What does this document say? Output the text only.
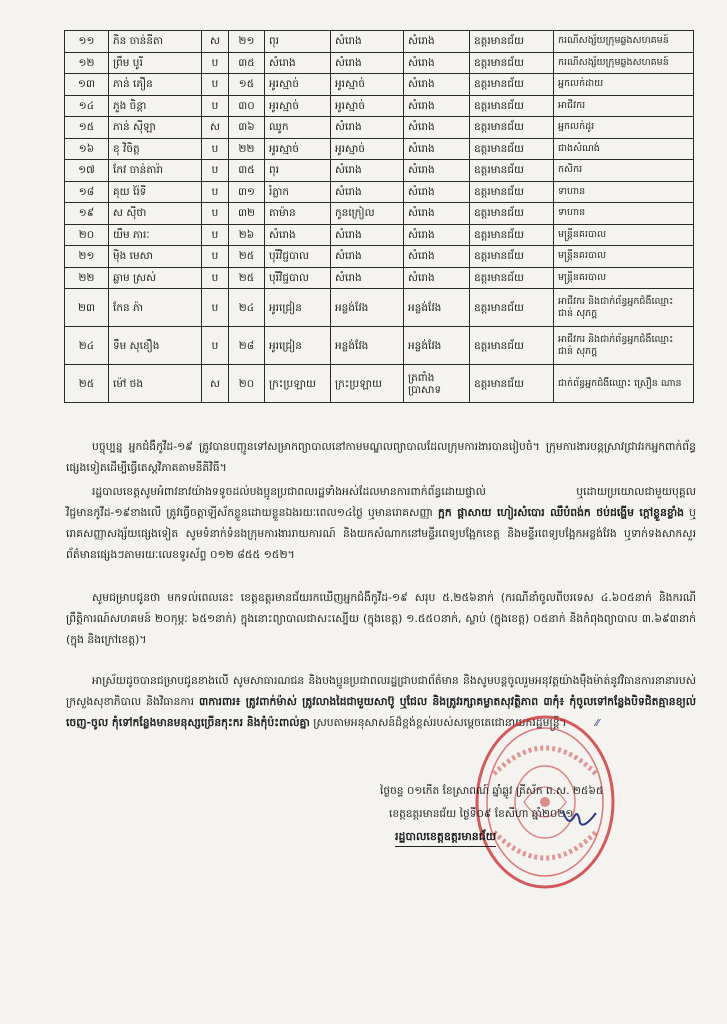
១១	ភិន ចាន់នីតា	ស	២១	ពុរ	សំរោង	សំរោង	ឧត្តរមានជ័យ	ករណីសង្ស័យក្រុមឆ្លងសហគមន៍
១២	ព្រឹម បូរី	ប	៣៥	សំរោង	សំរោង	សំរោង	ឧត្តរមានជ័យ	ករណីសង្ស័យក្រុមឆ្លងសហគមន៍
១៣	ភាន់ ភឿន	ប	១៥	អូរស្មាច់	អូរស្មាច់	សំរោង	ឧត្តរមានជ័យ	អ្នកលក់ដាយ
១៤	ភួង ចិន្តា	ប	៣០	អូរស្មាច់	អូរស្មាច់	សំរោង	ឧត្តរមានជ័យ	អាជីវករ
១៥	ភាន់ ស៊ីឡា	ស	៣៦	ឈូក	សំរោង	សំរោង	ឧត្តរមានជ័យ	អ្នកលក់ដូរ
១៦	ខុ វិចិត្ត	ប	២២	អូរស្មាច់	អូរស្មាច់	សំរោង	ឧត្តរមានជ័យ	ជាងសំណង់
១៧	កែវ ចាន់តារ៉ា	ប	៣៥	ពុរ	សំរោង	សំរោង	ឧត្តរមានជ័យ	កសិករ
១៨	គុយ រ៉ៃទី	ប	៣១	រំភ្លាក	សំរោង	សំរោង	ឧត្តរមានជ័យ	ទាហាន
១៩	ស ស៊ីថា	ប	៣២	តាម៉ាន	កូនក្រៀល	សំរោង	ឧត្តរមានជ័យ	ទាហាន
២០	យឹម ភារៈ	ប	២៦	សំរោង	សំរោង	សំរោង	ឧត្តរមានជ័យ	មន្ត្រីនគរបាល
២១	ម៉ិង មេសា	ប	២៥	បុរីវិជ្ជបាល	សំរោង	សំរោង	ឧត្តរមានជ័យ	មន្ត្រីនគរបាល
២២	ឆ្លាម ស្រស់	ប	២៥	បុរីវិជ្ជបាល	សំរោង	សំរោង	ឧត្តរមានជ័យ	មន្ត្រីនគរបាល
២៣	កែន ភ៉ា	ប	២៤	អូរជ្រៀន	អន្លង់វែង	អន្លង់វែង	ឧត្តរមានជ័យ	អាជីវករ និងជាក់ព័ន្ធអ្នកជំងឺឈ្មោះ ជាន់ សុភក្ដ្ដ
២៤	ទឹម សុខឿង	ប	២៨	អូរជ្រៀន	អន្លង់វែង	អន្លង់វែង	ឧត្តរមានជ័យ	អាជីវករ និងជាក់ព័ន្ធអ្នកជំងឺឈ្មោះ ជាន់ សុភក្ដ្ដ
២៥	ម៉ៅ ថង	ស	២០	ក្រះប្រឡាយ	ក្រះប្រឡាយ	ត្រពាំងប្រាសាទ	ឧត្តរមានជ័យ	ជាក់ព័ន្ធអ្នកជំងឺឈ្មោះ ស្រឿន ណាន

បច្ចុប្បន្ន អ្នកជំងឺកូវីដ-១៩ ត្រូវបានបញ្ជូនទៅសម្រាកព្យាបាលនៅកាមមណ្ឌលព្យាបាលដែលក្រុមការងារបានរៀបចំ។ ក្រុមការងារបន្តស្រាវជ្រាវរកអ្នកពាក់ព័ន្ធផ្សេងទៀតដើម្បីធ្វើតេស្តវិភាគតាមនីតិវិធី។

រដ្ឋបាលខេត្តសូមអំពាវនាវយ៉ាងទទូចដល់បងប្អូនប្រជាពលរដ្ឋទាំងអស់ដែលមានការពាក់ព័ន្ធដោយផ្ទាល់ ឬដោយប្រយោលជាមួយបុគ្គលវិជ្ជមានកូវីដ-១៩ខាងលើ ត្រូវធ្វើចត្តាឡីស័កខ្លួនដោយខ្លួនឯងរយៈពេល១៤ថ្ងៃ ឬមានរោគសញ្ញា ក្អក ផ្តាសាយ ហៀរសំបោរ ឈឺបំពង់ក ថប់ដង្ហើម ក្តៅខ្លួនខ្លាំង ឬរោគសញ្ញាសង្ស័យផ្សេងទៀត សូមទំនាក់ទំនងក្រុមការងាររាយការណ៍ និងយកសំណាកនៅមន្ទីរពេទ្យបង្អែកខេត្ត និងមន្ទីរពេទ្យបង្អែកអន្លង់វែង ឬទាក់ទងសាកសួរព័ត៌មានផ្សេងៗតាមរយៈលេខទូរស័ព្ទ ០១២ ៨៥៥ ១៥២។

សូមជម្រាបជូនថា មកទល់ពេលនេះ ខេត្តឧត្តរមានជ័យរកឃើញអ្នកជំងឺកូវីដ-១៩ សរុប ៥.២៥៦នាក់ (ករណីនាំចូលពីបរទេស ៤.៦០៥នាក់ និងករណីព្រឹត្តិការណ៍សហគមន៍ ២០កុម្ភៈ ៦៥១នាក់) ក្នុងនោះព្យាបាលជាសះស្បើយ (ក្នុងខេត្ត) ១.៥៥០នាក់, ស្លាប់ (ក្នុងខេត្ត) ០៥នាក់ និងកំពុងព្យាបាល ៣.៦៩៣នាក់ (ក្នុង និងក្រៅខេត្ត)។

អាស្រ័យដូចបានជម្រាបជូនខាងលើ សូមសាធារណជន និងបងប្អូនប្រជាពលរដ្ឋជ្រាបជាព័ត៌មាន និងសូមបន្តចូលរួមអនុវត្តយ៉ាងម៉ឺងម៉ាត់នូវវិធានការនានារបស់ក្រសួងសុខាភិបាល និងវិធានការ ៣ការពារ៖ ត្រូវពាក់ម៉ាស់ ត្រូវលាងដៃជាមួយសាប៊ូ ឬជែល និងត្រូវរក្សាគម្លាតសុវត្ថិភាព ៣កុំ៖ កុំចូលទៅកន្លែងបិទជិតគ្មានខ្យល់ចេញ-ចូល កុំទៅកន្លែងមានមនុស្សច្រើនកុះករ និងកុំប៉ះពាល់គ្នា ស្របតាមអនុសាសន៍ដ៏ខ្ពង់ខ្ពស់របស់សម្តេចតេជោនាយករដ្ឋមន្ត្រី។	⁄⁄

ថ្ងៃចន្ទ ០១កើត ខែស្រាពណ៍ ឆ្នាំឆ្លូវ ត្រីស័ក ព.ស. ២៥៦៥
ខេត្តឧត្តរមានជ័យ ថ្ងៃទី០៩ ខែសីហា ឆ្នាំ២០២១
រដ្ឋបាលខេត្តឧត្តរមានជ័យ
